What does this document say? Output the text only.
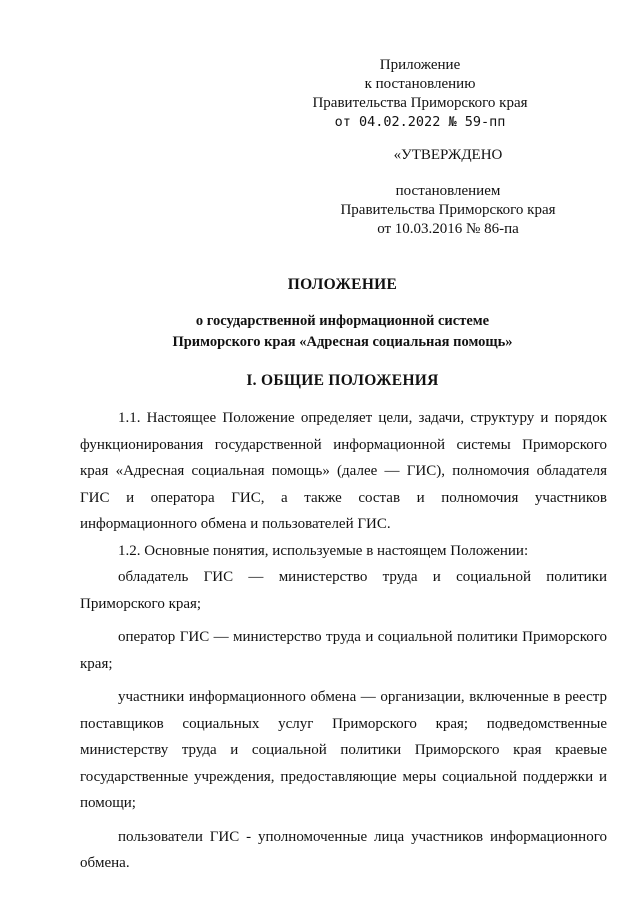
Приложение
к постановлению
Правительства Приморского края
от 04.02.2022 № 59-пп
«УТВЕРЖДЕНО
постановлением
Правительства Приморского края
от 10.03.2016 № 86-па
ПОЛОЖЕНИЕ
о государственной информационной системе
Приморского края «Адресная социальная помощь»
I. ОБЩИЕ ПОЛОЖЕНИЯ

1.1. Настоящее Положение определяет цели, задачи, структуру и порядок функционирования государственной информационной системы Приморского края «Адресная социальная помощь» (далее — ГИС), полномочия обладателя ГИС и оператора ГИС, а также состав и полномочия участников информационного обмена и пользователей ГИС.

1.2. Основные понятия, используемые в настоящем Положении:

обладатель ГИС — министерство труда и социальной политики Приморского края;

оператор ГИС — министерство труда и социальной политики Приморского края;

участники информационного обмена — организации, включенные в реестр поставщиков социальных услуг Приморского края; подведомственные министерству труда и социальной политики Приморского края краевые государственные учреждения, предоставляющие меры социальной поддержки и помощи;

пользователи ГИС - уполномоченные лица участников информационного обмена.
